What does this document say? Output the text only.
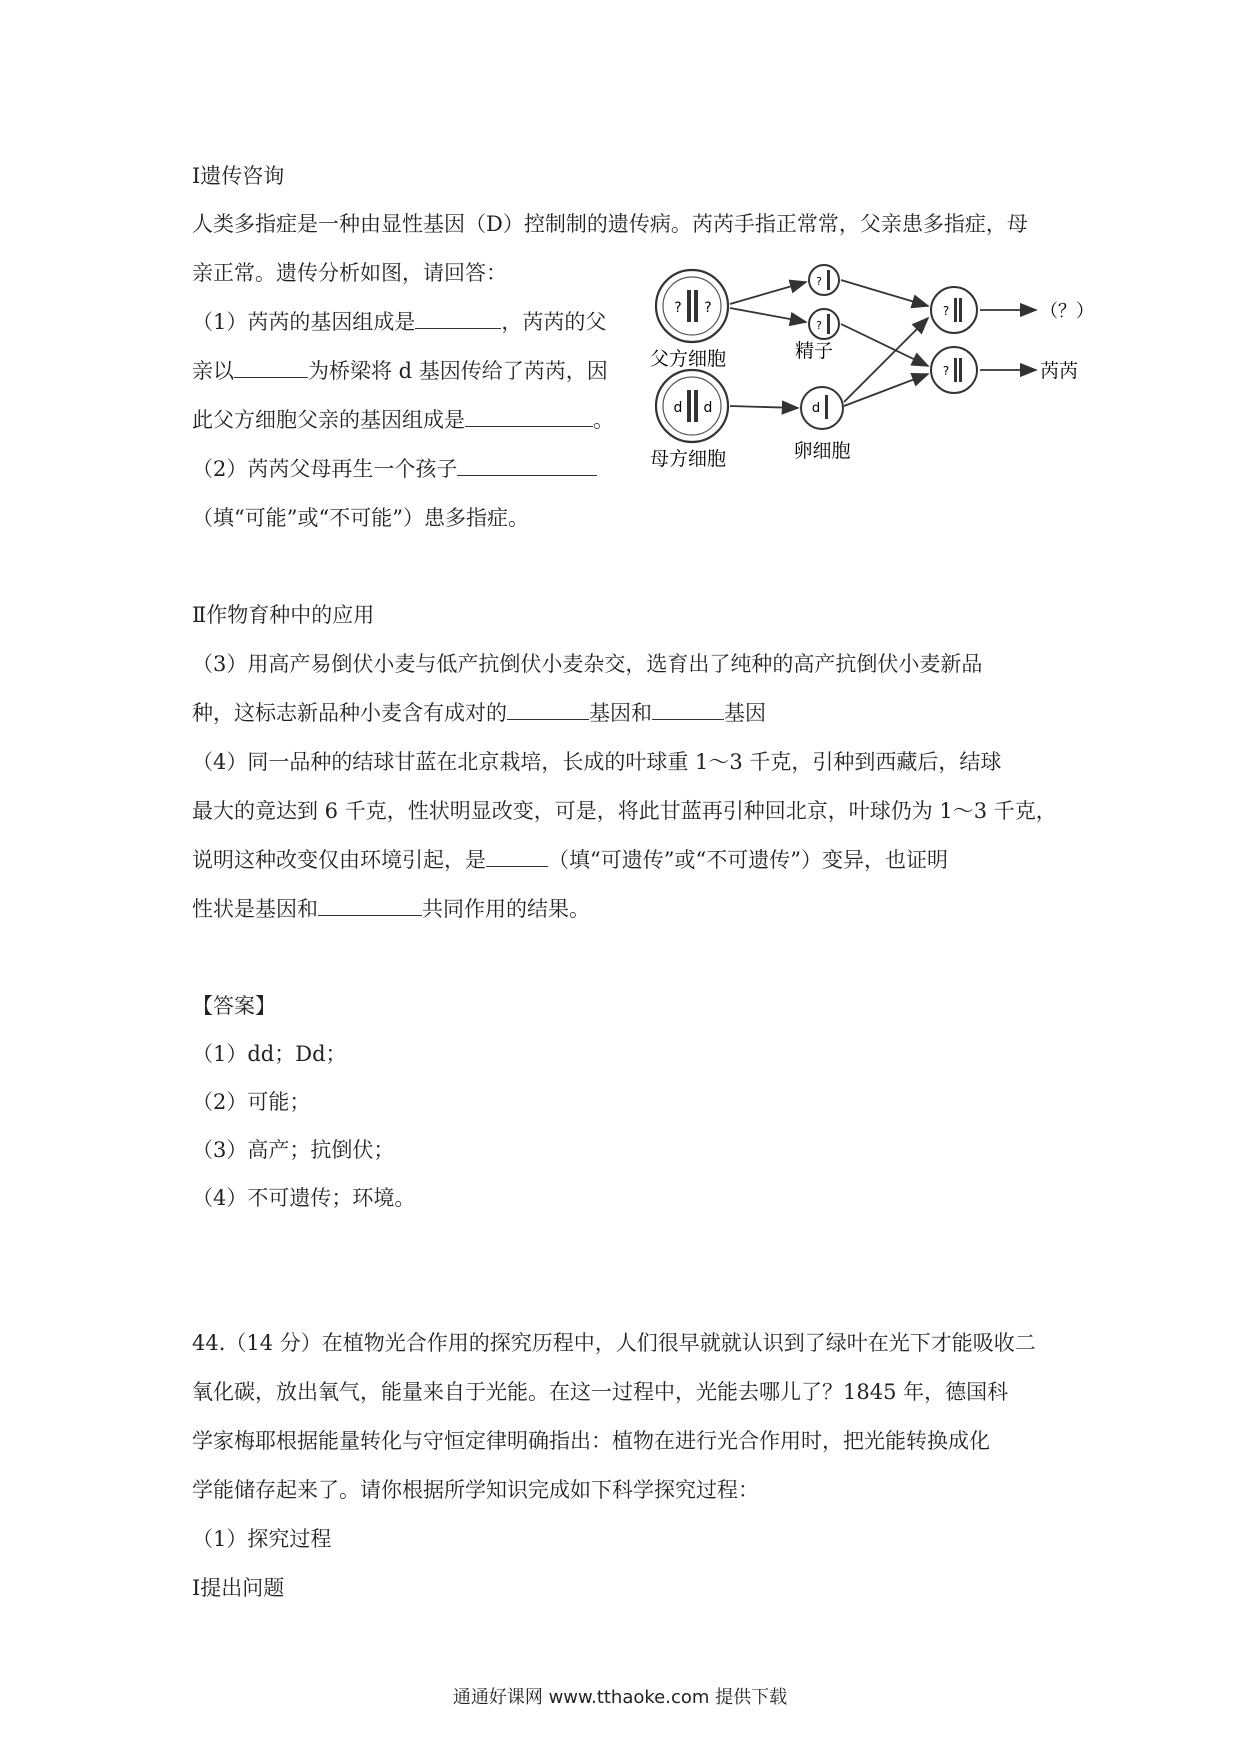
Ⅰ遗传咨询
人类多指症是一种由显性基因（D）控制制的遗传病。芮芮手指正常常，父亲患多指症，母
亲正常。遗传分析如图，请回答：
（1）芮芮的基因组成是	，芮芮的父
亲以	为桥梁将 d 基因传给了芮芮，因
此父方细胞父亲的基因组成是	。
（2）芮芮父母再生一个孩子
（填“可能”或“不可能”）患多指症。
? ?
父方细胞
d d
母方细胞
?
?
精子
d
卵细胞
?
?
（？）
芮芮
Ⅱ作物育种中的应用
（3）用高产易倒伏小麦与低产抗倒伏小麦杂交，选育出了纯种的高产抗倒伏小麦新品
种，这标志新品种小麦含有成对的	基因和	基因
（4）同一品种的结球甘蓝在北京栽培，长成的叶球重 1～3 千克，引种到西藏后，结球
最大的竟达到 6 千克，性状明显改变，可是，将此甘蓝再引种回北京，叶球仍为 1～3 千克，
说明这种改变仅由环境引起，是	（填“可遗传”或“不可遗传”）变异，也证明
性状是基因和	共同作用的结果。
【答案】
（1）dd；Dd；
（2）可能；
（3）高产；抗倒伏；
（4）不可遗传；环境。
44.（14 分）在植物光合作用的探究历程中，人们很早就就认识到了绿叶在光下才能吸收二
氧化碳，放出氧气，能量来自于光能。在这一过程中，光能去哪儿了？1845 年，德国科
学家梅耶根据能量转化与守恒定律明确指出：植物在进行光合作用时，把光能转换成化
学能储存起来了。请你根据所学知识完成如下科学探究过程：
（1）探究过程
Ⅰ提出问题
通通好课网 www.tthaoke.com 提供下载
